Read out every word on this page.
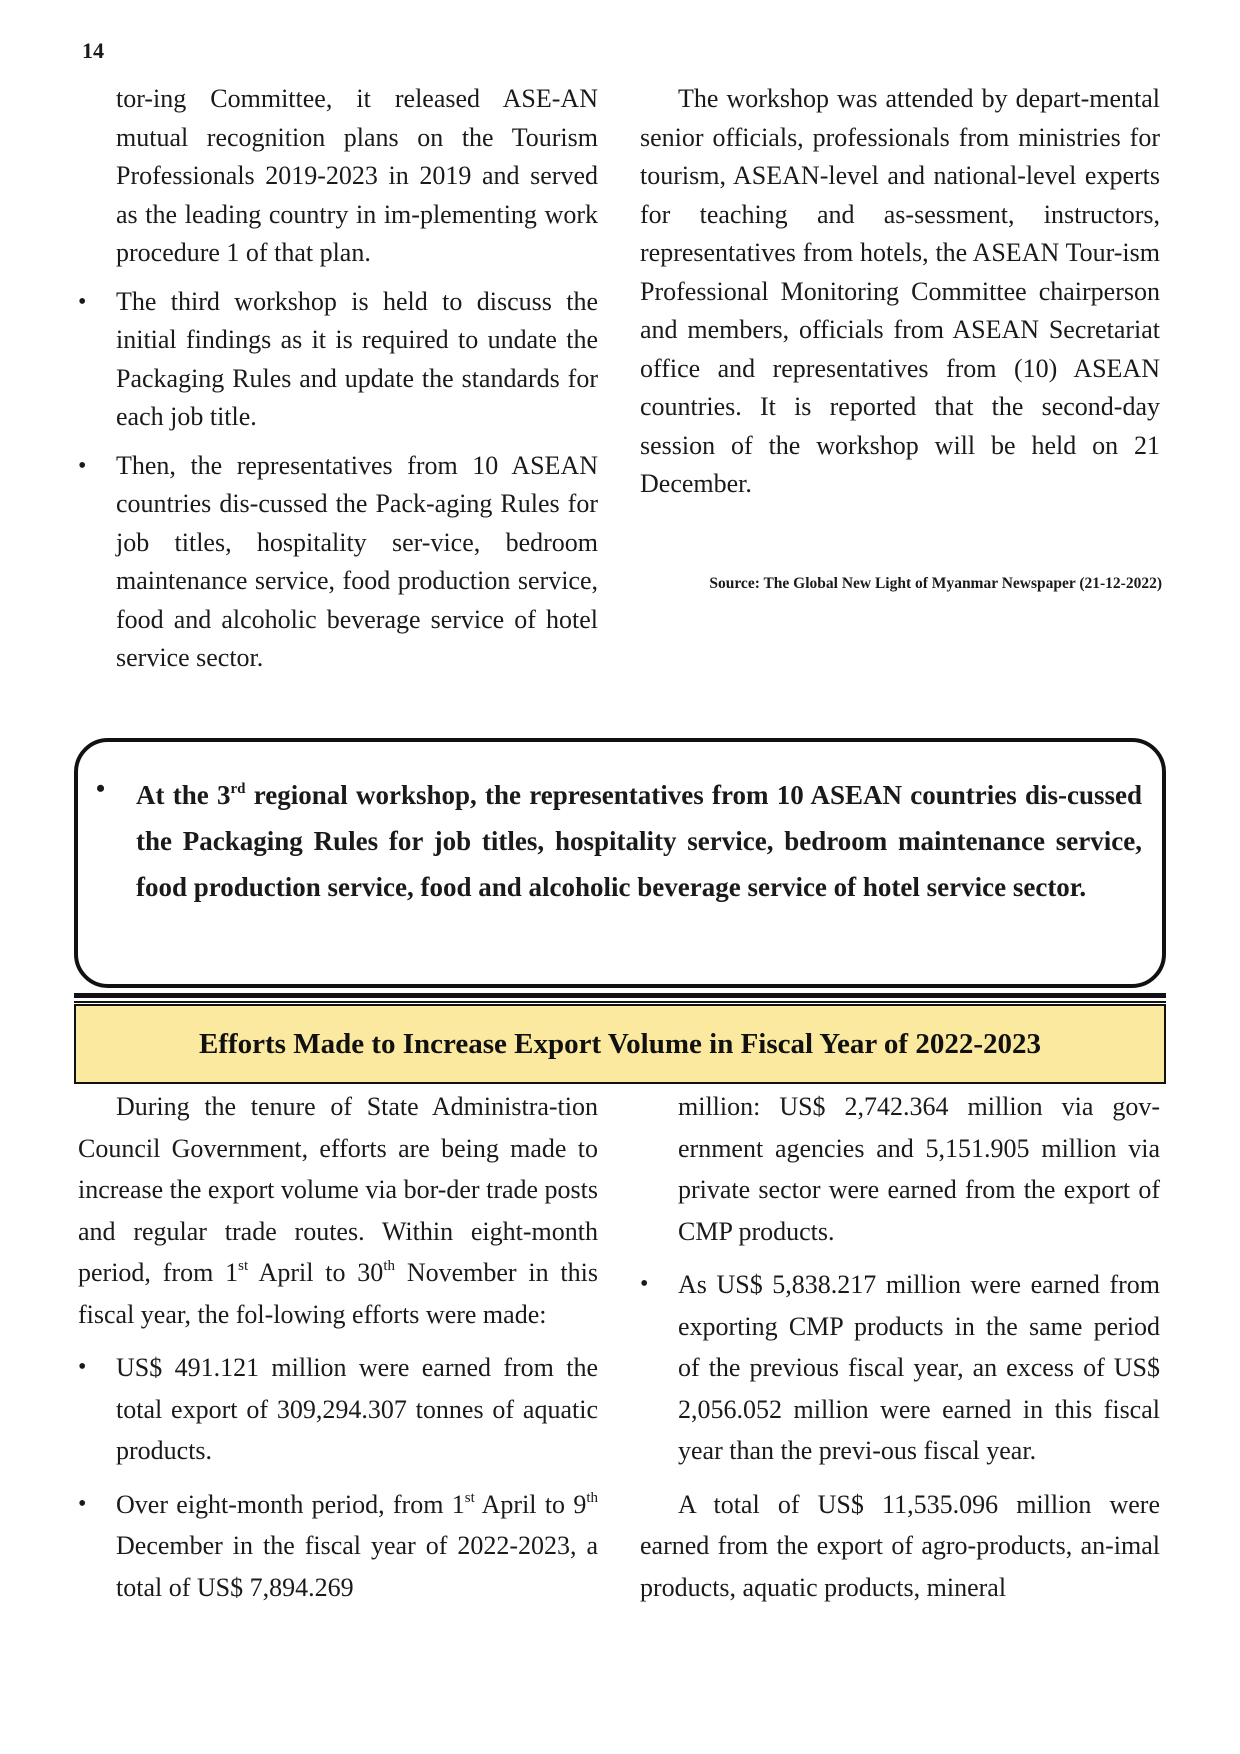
14

tor-ing Committee, it released ASE-AN mutual recognition plans on the Tourism Professionals 2019-2023 in 2019 and served as the leading country in im-plementing work procedure 1 of that plan.

• The third workshop is held to discuss the initial findings as it is required to undate the Packaging Rules and update the standards for each job title.
• Then, the representatives from 10 ASEAN countries dis-cussed the Pack-aging Rules for job titles, hospitality ser-vice, bedroom maintenance service, food production service, food and alcoholic beverage service of hotel service sector.

The workshop was attended by depart-mental senior officials, professionals from ministries for tourism, ASEAN-level and national-level experts for teaching and as-sessment, instructors, representatives from hotels, the ASEAN Tour-ism Professional Monitoring Committee chairperson and members, officials from ASEAN Secretariat office and representatives from (10) ASEAN countries. It is reported that the second-day session of the workshop will be held on 21 December.

Source: The Global New Light of Myanmar Newspaper (21-12-2022)
• At the 3rd regional workshop, the representatives from 10 ASEAN countries dis-cussed the Packaging Rules for job titles, hospitality service, bedroom maintenance service, food production service, food and alcoholic beverage service of hotel service sector.
Efforts Made to Increase Export Volume in Fiscal Year of 2022-2023

During the tenure of State Administra-tion Council Government, efforts are being made to increase the export volume via bor-der trade posts and regular trade routes. Within eight-month period, from 1st April to 30th November in this fiscal year, the fol-lowing efforts were made:

• US$ 491.121 million were earned from the total export of 309,294.307 tonnes of aquatic products.
• Over eight-month period, from 1st April to 9th December in the fiscal year of 2022-2023, a total of US$ 7,894.269
million: US$ 2,742.364 million via gov-ernment agencies and 5,151.905 million via private sector were earned from the export of CMP products.
• As US$ 5,838.217 million were earned from exporting CMP products in the same period of the previous fiscal year, an excess of US$ 2,056.052 million were earned in this fiscal year than the previ-ous fiscal year.

A total of US$ 11,535.096 million were earned from the export of agro-products, an-imal products, aquatic products, mineral
